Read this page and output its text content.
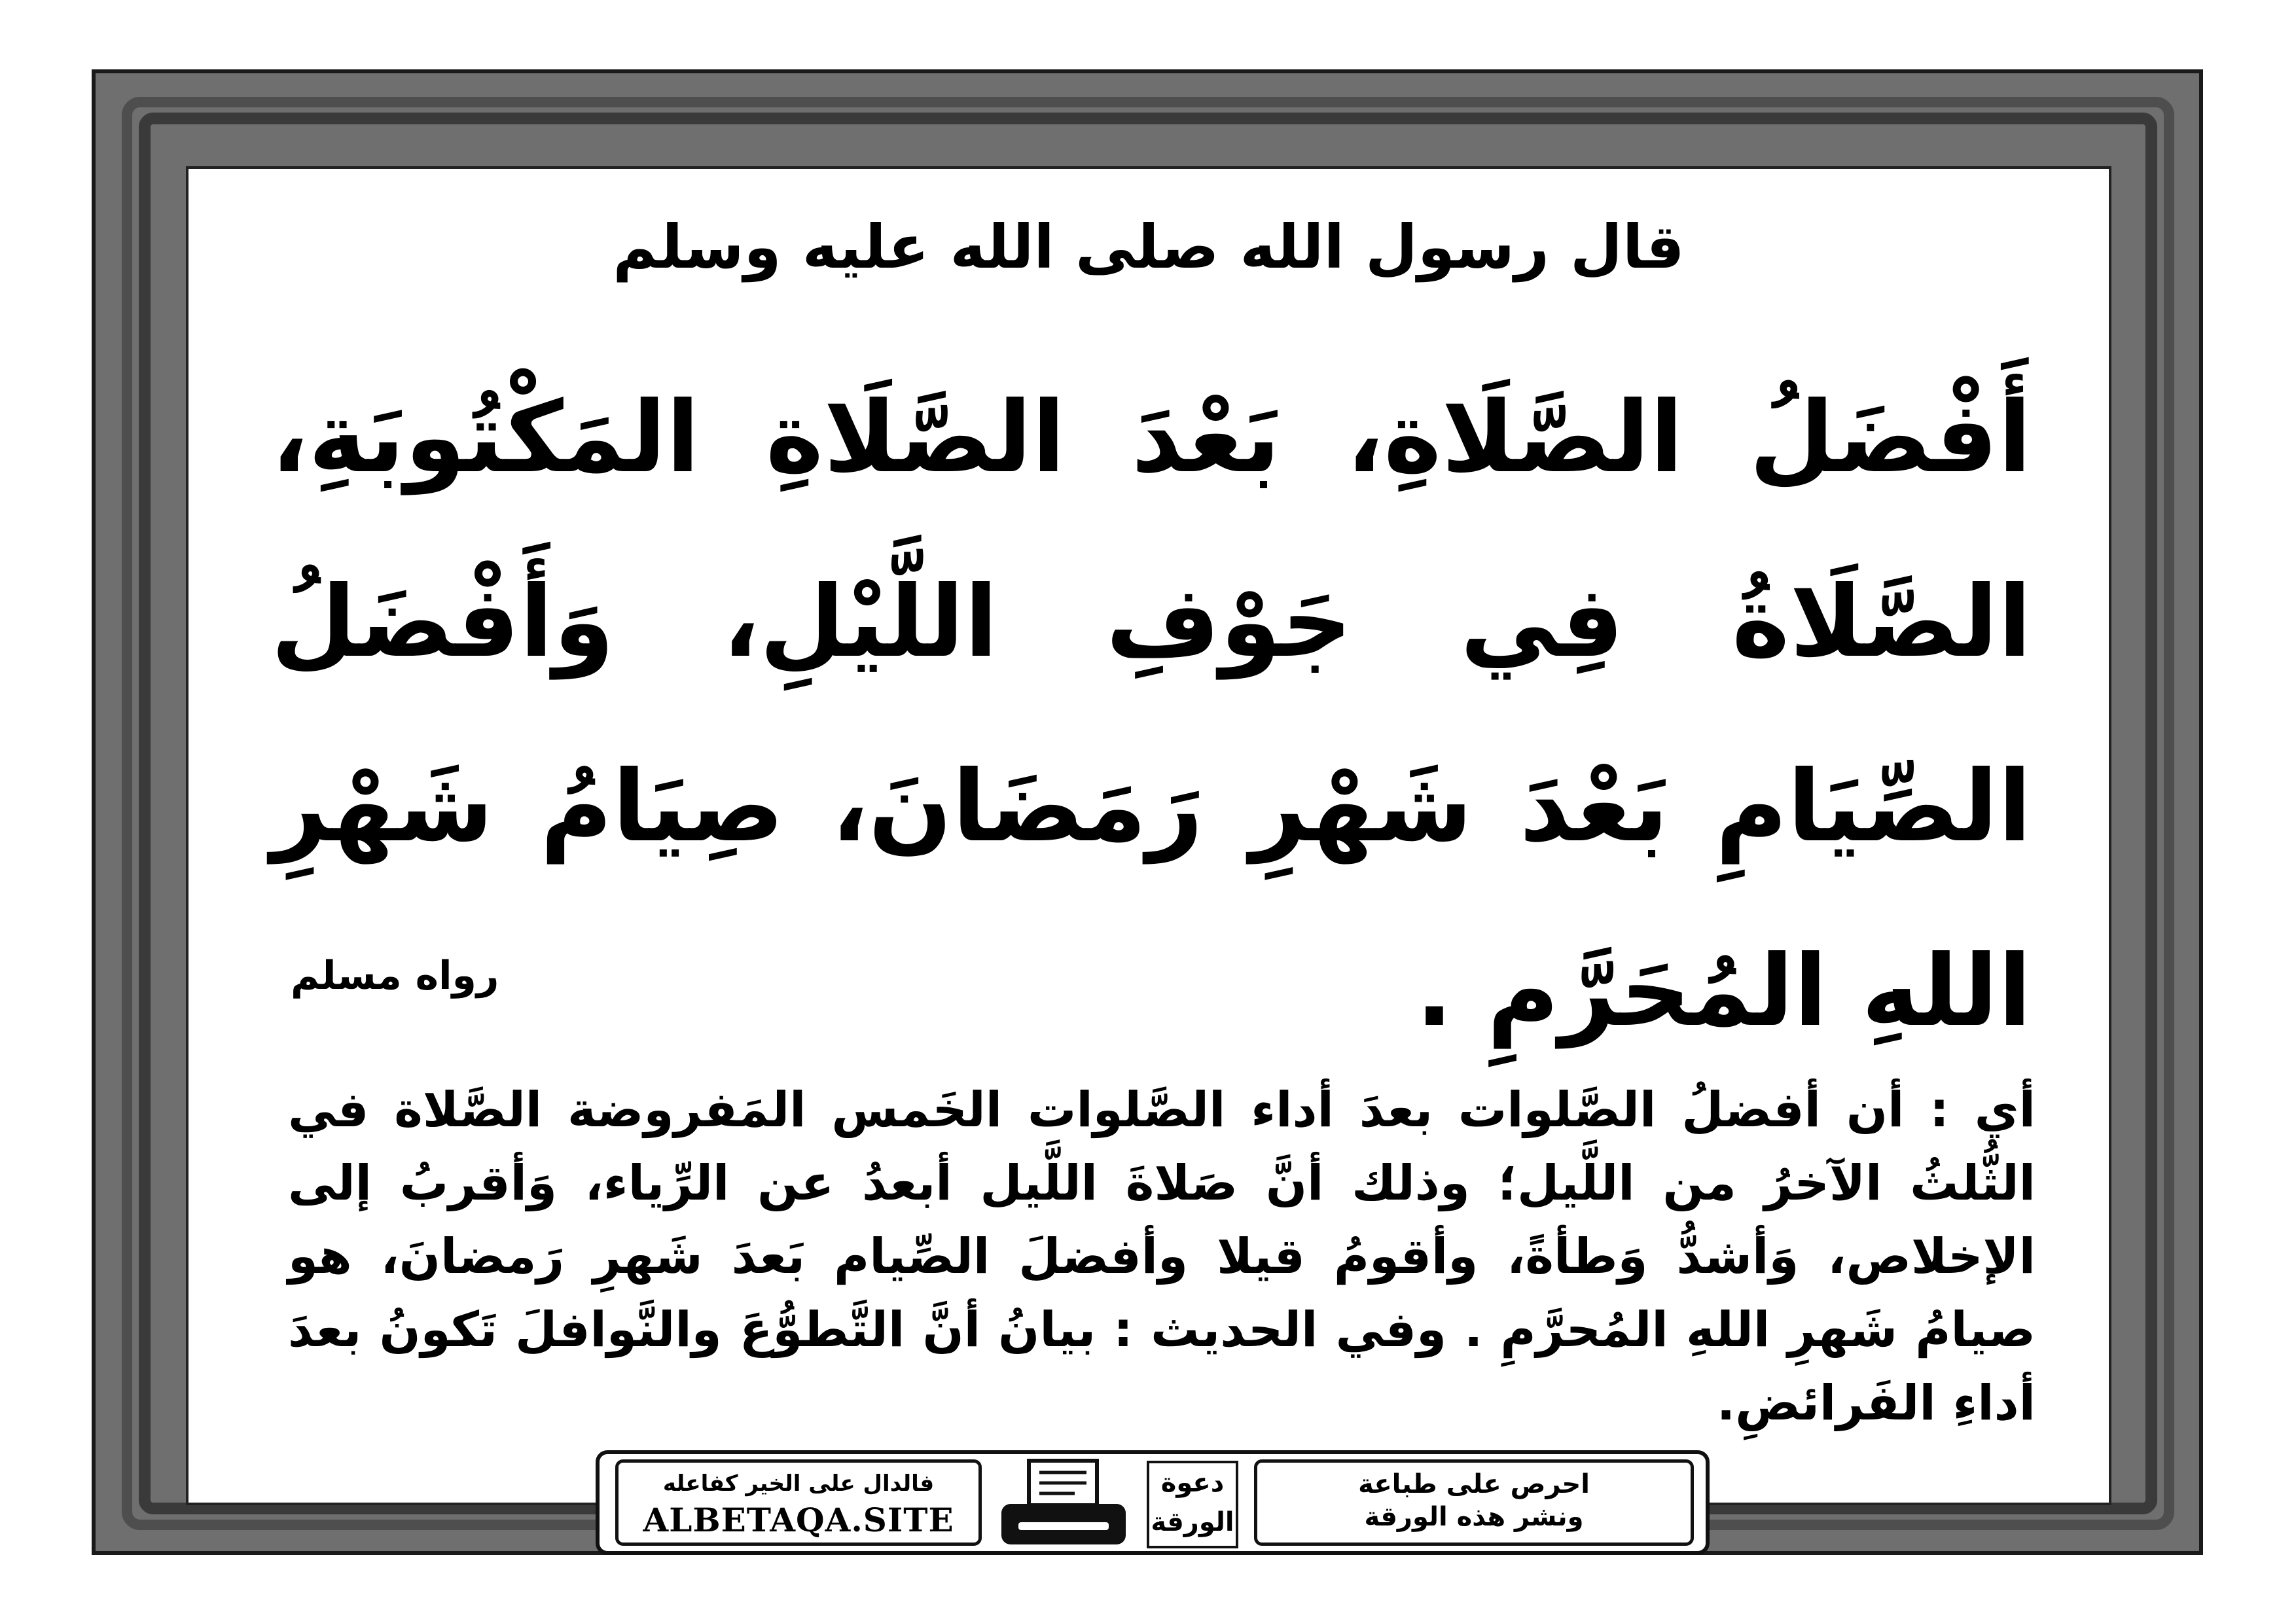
قال رسول الله صلى الله عليه وسلم
أَفْضَلُ الصَّلَاةِ، بَعْدَ الصَّلَاةِ المَكْتُوبَةِ، الصَّلَاةُ فِي جَوْفِ اللَّيْلِ، وَأَفْضَلُ الصِّيَامِ بَعْدَ شَهْرِ رَمَضَانَ، صِيَامُ شَهْرِ اللهِ المُحَرَّمِ .
رواه مسلم
أي : أن أفضلُ الصَّلوات بعدَ أداء الصَّلوات الخَمس المَفروضة الصَّلاة في الثُّلثُ الآخرُ من اللَّيل؛ وذلك أنَّ صَلاةَ اللَّيل أبعدُ عن الرِّياء، وَأقربُ إلى الإخلاص، وَأشدُّ وَطأةً، وأقومُ قيلا وأفضلَ الصِّيام بَعدَ شَهرِ رَمضانَ، هو صيامُ شَهرِ اللهِ المُحرَّمِ . وفي الحديث : بيانُ أنَّ التَّطوُّعَ والنَّوافلَ تَكونُ بعدَ أداءِ الفَرائضِ.
فالدال على الخير كفاعله
ALBETAQA.SITE
دعوة
الورقة
احرص على طباعة
ونشر هذه الورقة
